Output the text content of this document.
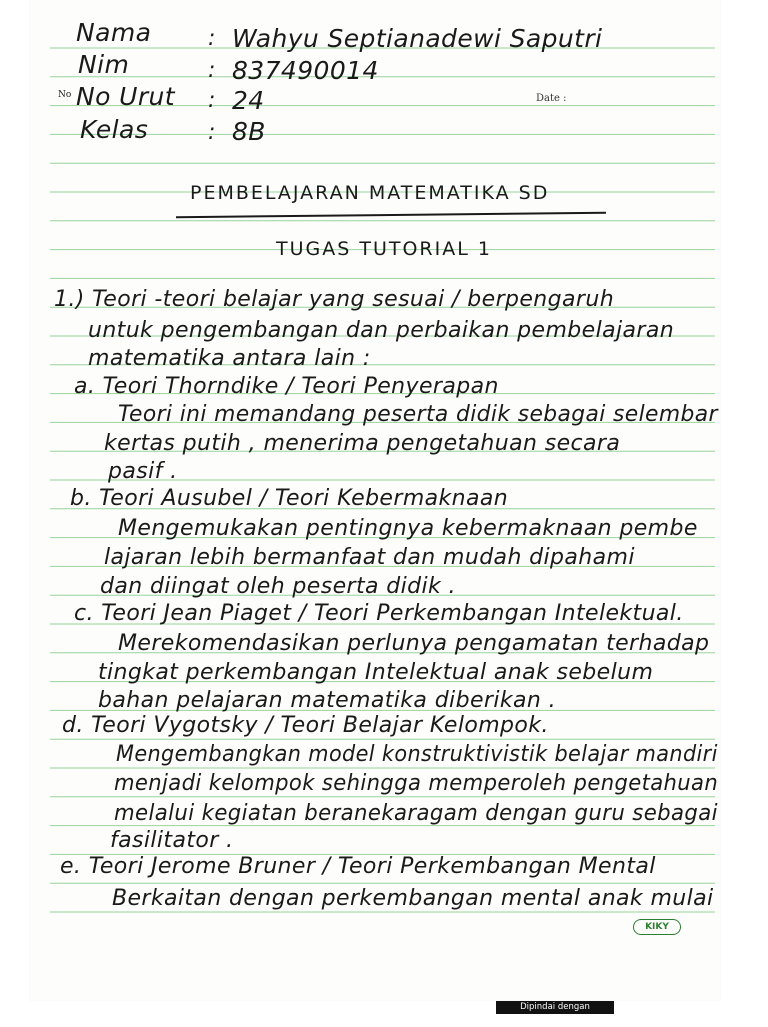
No	Date :
Nama	: Wahyu Septianadewi Saputri
Nim	: 837490014
No Urut : 24
Kelas	: 8B
PEMBELAJARAN MATEMATIKA SD
TUGAS TUTORIAL 1
1.) Teori -teori belajar yang sesuai / berpengaruh
untuk pengembangan dan perbaikan pembelajaran
matematika antara lain :
a. Teori Thorndike / Teori Penyerapan
Teori ini memandang peserta didik sebagai selembar
kertas putih , menerima pengetahuan secara
pasif .
b. Teori Ausubel / Teori Kebermaknaan
Mengemukakan pentingnya kebermaknaan pembe
lajaran lebih bermanfaat dan mudah dipahami
dan diingat oleh peserta didik .
c. Teori Jean Piaget / Teori Perkembangan Intelektual.
Merekomendasikan perlunya pengamatan terhadap
tingkat perkembangan Intelektual anak sebelum
bahan pelajaran matematika diberikan .
d. Teori Vygotsky / Teori Belajar Kelompok.
Mengembangkan model konstruktivistik belajar mandiri
menjadi kelompok sehingga memperoleh pengetahuan
melalui kegiatan beranekaragam dengan guru sebagai
fasilitator .
e. Teori Jerome Bruner / Teori Perkembangan Mental
Berkaitan dengan perkembangan mental anak mulai
KIKY
Dipindai dengan CamScanner
